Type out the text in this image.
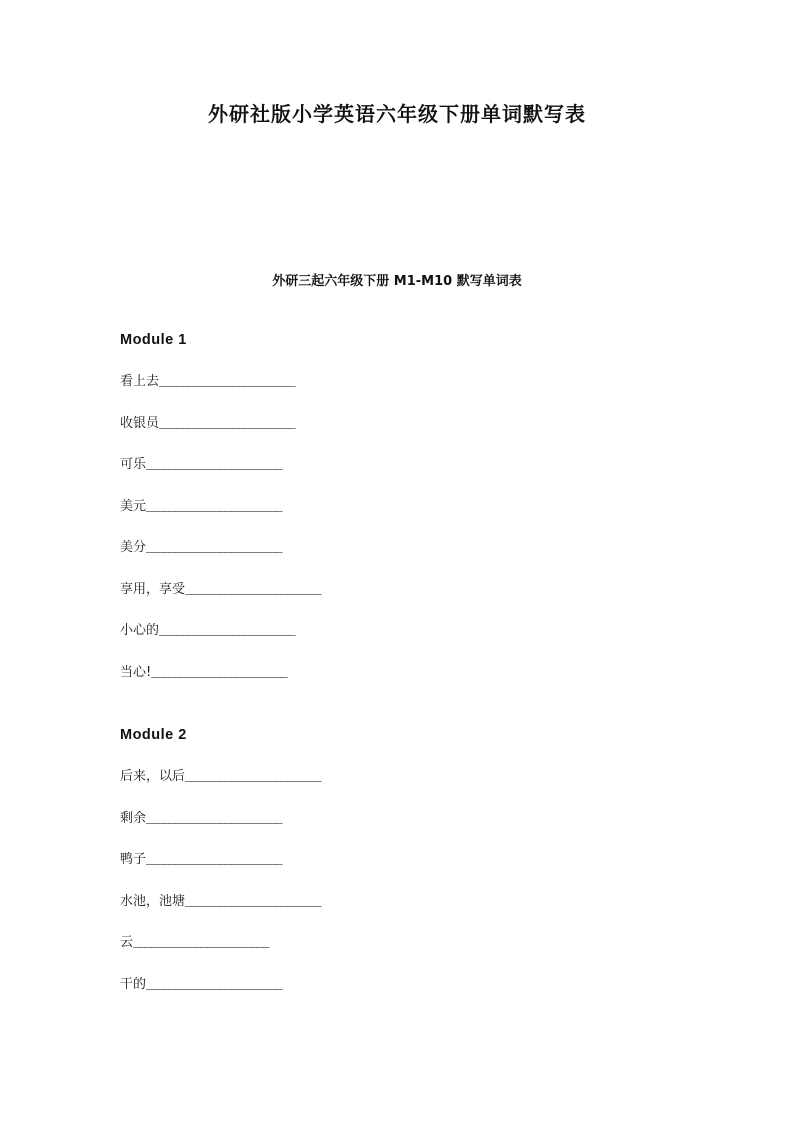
外研社版小学英语六年级下册单词默写表
外研三起六年级下册 M1-M10 默写单词表
Module 1
看上去________________________
收银员________________________
可乐________________________
美元________________________
美分________________________
享用，享受________________________
小心的________________________
当心!________________________
Module 2
后来，以后________________________
剩余________________________
鸭子________________________
水池，池塘________________________
云________________________
干的________________________
